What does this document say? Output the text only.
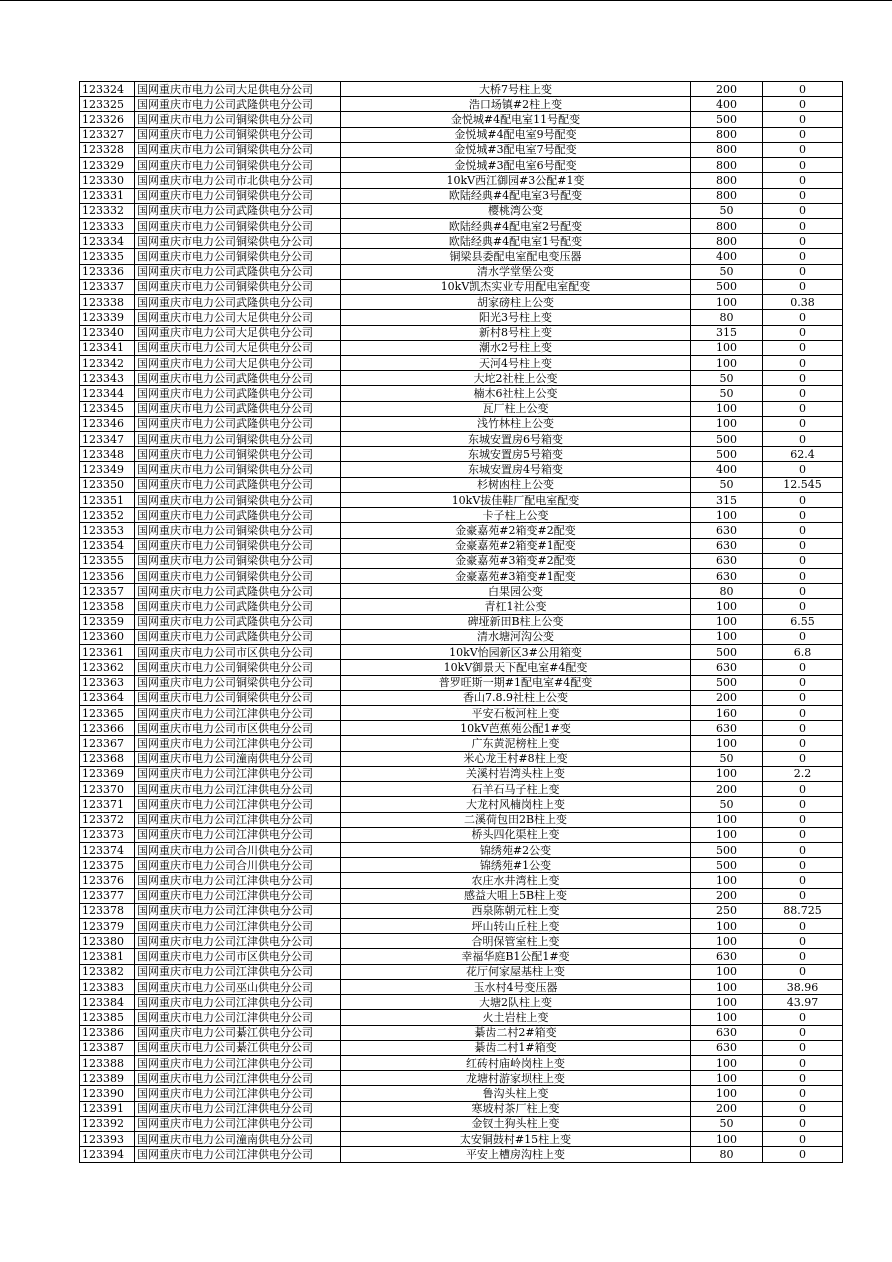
123324	国网重庆市电力公司大足供电分公司	大桥7号柱上变	200	0
123325	国网重庆市电力公司武隆供电分公司	浩口场镇#2柱上变	400	0
123326	国网重庆市电力公司铜梁供电分公司	金悦城#4配电室11号配变	500	0
123327	国网重庆市电力公司铜梁供电分公司	金悦城#4配电室9号配变	800	0
123328	国网重庆市电力公司铜梁供电分公司	金悦城#3配电室7号配变	800	0
123329	国网重庆市电力公司铜梁供电分公司	金悦城#3配电室6号配变	800	0
123330	国网重庆市电力公司市北供电分公司	10kV西江御园#3公配#1变	800	0
123331	国网重庆市电力公司铜梁供电分公司	欧陆经典#4配电室3号配变	800	0
123332	国网重庆市电力公司武隆供电分公司	樱桃湾公变	50	0
123333	国网重庆市电力公司铜梁供电分公司	欧陆经典#4配电室2号配变	800	0
123334	国网重庆市电力公司铜梁供电分公司	欧陆经典#4配电室1号配变	800	0
123335	国网重庆市电力公司铜梁供电分公司	铜梁县委配电室配电变压器	400	0
123336	国网重庆市电力公司武隆供电分公司	清水学堂堡公变	50	0
123337	国网重庆市电力公司铜梁供电分公司	10kV凯杰实业专用配电室配变	500	0
123338	国网重庆市电力公司武隆供电分公司	胡家磅柱上公变	100	0.38
123339	国网重庆市电力公司大足供电分公司	阳光3号柱上变	80	0
123340	国网重庆市电力公司大足供电分公司	新村8号柱上变	315	0
123341	国网重庆市电力公司大足供电分公司	潮水2号柱上变	100	0
123342	国网重庆市电力公司大足供电分公司	天河4号柱上变	100	0
123343	国网重庆市电力公司武隆供电分公司	大坨2社柱上公变	50	0
123344	国网重庆市电力公司武隆供电分公司	楠木6社柱上公变	50	0
123345	国网重庆市电力公司武隆供电分公司	瓦厂柱上公变	100	0
123346	国网重庆市电力公司武隆供电分公司	浅竹林柱上公变	100	0
123347	国网重庆市电力公司铜梁供电分公司	东城安置房6号箱变	500	0
123348	国网重庆市电力公司铜梁供电分公司	东城安置房5号箱变	500	62.4
123349	国网重庆市电力公司铜梁供电分公司	东城安置房4号箱变	400	0
123350	国网重庆市电力公司武隆供电分公司	杉树凼柱上公变	50	12.545
123351	国网重庆市电力公司铜梁供电分公司	10kV拔佳鞋厂配电室配变	315	0
123352	国网重庆市电力公司武隆供电分公司	卡子柱上公变	100	0
123353	国网重庆市电力公司铜梁供电分公司	金豪嘉苑#2箱变#2配变	630	0
123354	国网重庆市电力公司铜梁供电分公司	金豪嘉苑#2箱变#1配变	630	0
123355	国网重庆市电力公司铜梁供电分公司	金豪嘉苑#3箱变#2配变	630	0
123356	国网重庆市电力公司铜梁供电分公司	金豪嘉苑#3箱变#1配变	630	0
123357	国网重庆市电力公司武隆供电分公司	白果园公变	80	0
123358	国网重庆市电力公司武隆供电分公司	青杠1社公变	100	0
123359	国网重庆市电力公司武隆供电分公司	碑垭新田B柱上公变	100	6.55
123360	国网重庆市电力公司武隆供电分公司	清水塘河沟公变	100	0
123361	国网重庆市电力公司市区供电分公司	10kV怡园新区3#公用箱变	500	6.8
123362	国网重庆市电力公司铜梁供电分公司	10kV御景天下配电室#4配变	630	0
123363	国网重庆市电力公司铜梁供电分公司	普罗旺斯一期#1配电室#4配变	500	0
123364	国网重庆市电力公司铜梁供电分公司	香山7.8.9社柱上公变	200	0
123365	国网重庆市电力公司江津供电分公司	平安石板河柱上变	160	0
123366	国网重庆市电力公司市区供电分公司	10kV芭蕉苑公配1#变	630	0
123367	国网重庆市电力公司江津供电分公司	广东黄泥榜柱上变	100	0
123368	国网重庆市电力公司潼南供电分公司	米心龙王村#8柱上变	50	0
123369	国网重庆市电力公司江津供电分公司	关溪村岩湾头柱上变	100	2.2
123370	国网重庆市电力公司江津供电分公司	石羊石马子柱上变	200	0
123371	国网重庆市电力公司江津供电分公司	大龙村风楠岗柱上变	50	0
123372	国网重庆市电力公司江津供电分公司	二溪荷包田2B柱上变	100	0
123373	国网重庆市电力公司江津供电分公司	桥头四化渠柱上变	100	0
123374	国网重庆市电力公司合川供电分公司	锦绣苑#2公变	500	0
123375	国网重庆市电力公司合川供电分公司	锦绣苑#1公变	500	0
123376	国网重庆市电力公司江津供电分公司	农庄水井湾柱上变	100	0
123377	国网重庆市电力公司江津供电分公司	感益大咀上5B柱上变	200	0
123378	国网重庆市电力公司江津供电分公司	西泉陈朝元柱上变	250	88.725
123379	国网重庆市电力公司江津供电分公司	坪山转山丘柱上变	100	0
123380	国网重庆市电力公司江津供电分公司	合明保管室柱上变	100	0
123381	国网重庆市电力公司市区供电分公司	幸福华庭B1公配1#变	630	0
123382	国网重庆市电力公司江津供电分公司	花厅何家屋基柱上变	100	0
123383	国网重庆市电力公司巫山供电分公司	玉水村4号变压器	100	38.96
123384	国网重庆市电力公司江津供电分公司	大塘2队柱上变	100	43.97
123385	国网重庆市电力公司江津供电分公司	火土岩柱上变	100	0
123386	国网重庆市电力公司綦江供电分公司	綦齿二村2#箱变	630	0
123387	国网重庆市电力公司綦江供电分公司	綦齿二村1#箱变	630	0
123388	国网重庆市电力公司江津供电分公司	红砖村庙岭岗柱上变	100	0
123389	国网重庆市电力公司江津供电分公司	龙塘村游家坝柱上变	100	0
123390	国网重庆市电力公司江津供电分公司	鲁沟头柱上变	100	0
123391	国网重庆市电力公司江津供电分公司	寒坡村茶厂柱上变	200	0
123392	国网重庆市电力公司江津供电分公司	金钗土狗头柱上变	50	0
123393	国网重庆市电力公司潼南供电分公司	太安铜鼓村#15柱上变	100	0
123394	国网重庆市电力公司江津供电分公司	平安上槽房沟柱上变	80	0
